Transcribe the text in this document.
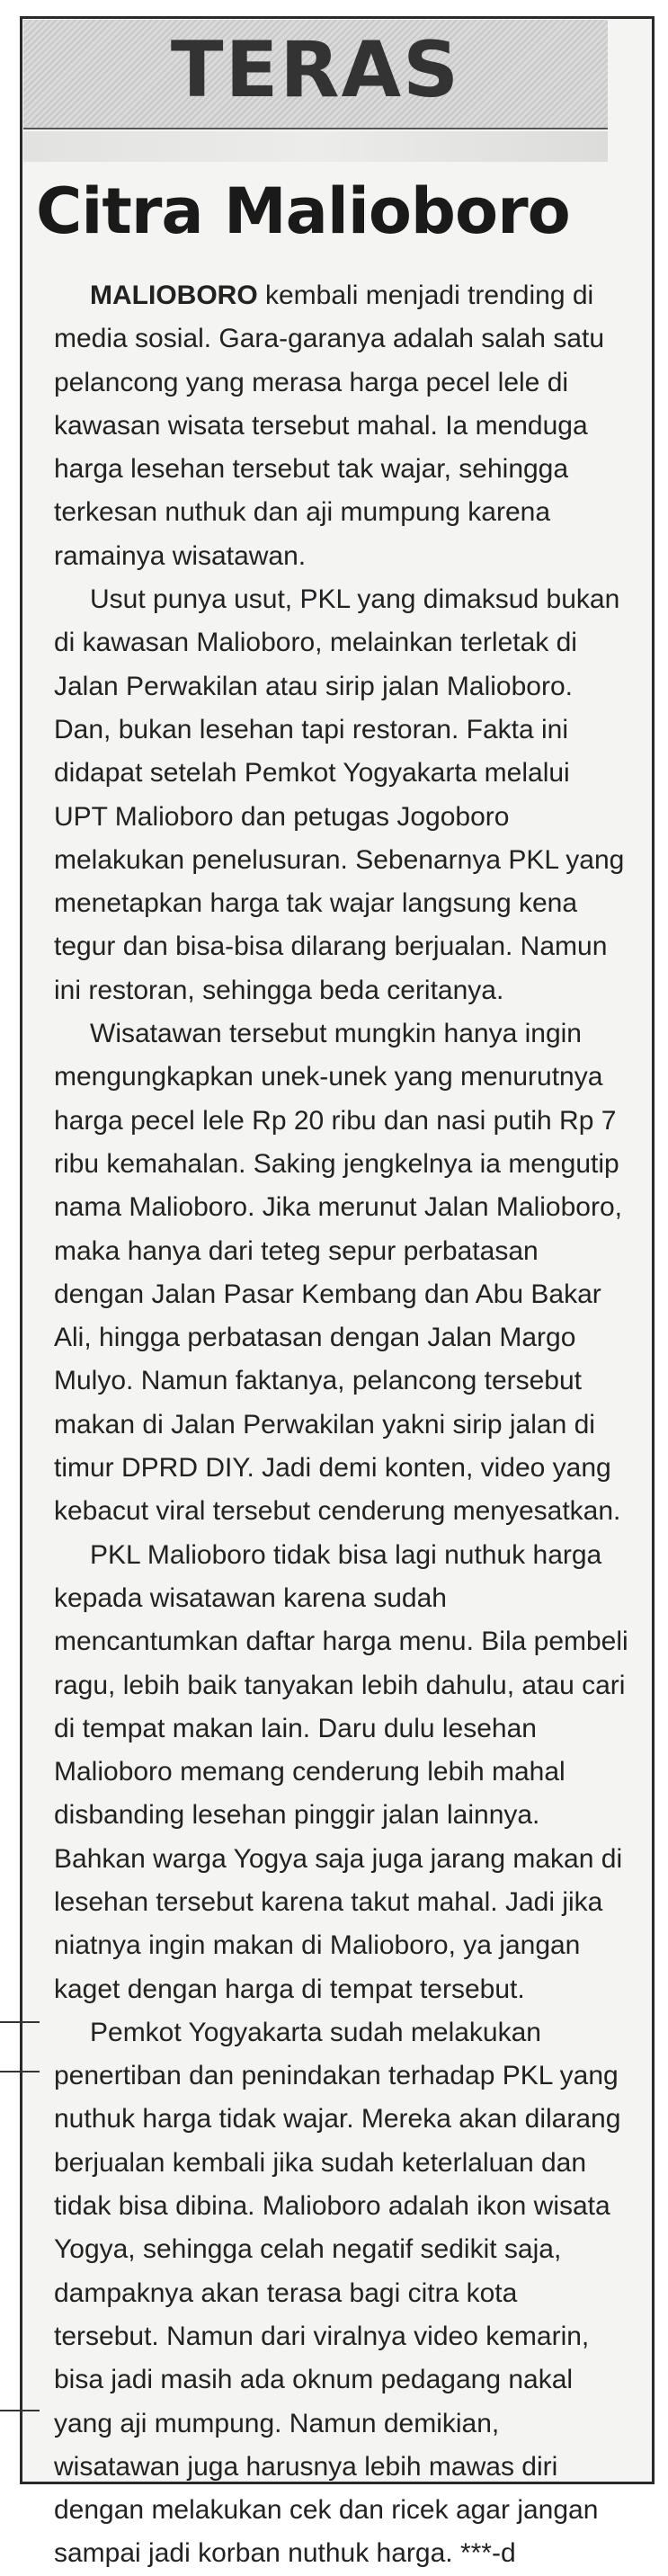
TERAS
Citra Malioboro

MALIOBORO kembali menjadi trending di media sosial. Gara-garanya adalah salah satu pelancong yang merasa harga pecel lele di kawasan wisata tersebut mahal. Ia menduga harga lesehan tersebut tak wajar, sehingga terkesan nuthuk dan aji mumpung karena ramainya wisatawan.

Usut punya usut, PKL yang dimaksud bukan di kawasan Malioboro, melainkan terletak di Jalan Perwakilan atau sirip jalan Malioboro. Dan, bukan lesehan tapi restoran. Fakta ini didapat setelah Pemkot Yogyakarta melalui UPT Malioboro dan petugas Jogoboro melakukan penelusuran. Sebenarnya PKL yang menetapkan harga tak wajar langsung kena tegur dan bisa-bisa dilarang berjualan. Namun ini restoran, sehingga beda ceritanya.

Wisatawan tersebut mungkin hanya ingin mengungkapkan unek-unek yang menurutnya harga pecel lele Rp 20 ribu dan nasi putih Rp 7 ribu kemahalan. Saking jengkelnya ia mengutip nama Malioboro. Jika merunut Jalan Malioboro, maka hanya dari teteg sepur perbatasan dengan Jalan Pasar Kembang dan Abu Bakar Ali, hingga perbatasan dengan Jalan Margo Mulyo. Namun faktanya, pelancong tersebut makan di Jalan Perwakilan yakni sirip jalan di timur DPRD DIY. Jadi demi konten, video yang kebacut viral tersebut cenderung menyesatkan.

PKL Malioboro tidak bisa lagi nuthuk harga kepada wisatawan karena sudah mencantumkan daftar harga menu. Bila pembeli ragu, lebih baik tanyakan lebih dahulu, atau cari di tempat makan lain. Daru dulu lesehan Malioboro memang cenderung lebih mahal disbanding lesehan pinggir jalan lainnya. Bahkan warga Yogya saja juga jarang makan di lesehan tersebut karena takut mahal. Jadi jika niatnya ingin makan di Malioboro, ya jangan kaget dengan harga di tempat tersebut.

Pemkot Yogyakarta sudah melakukan penertiban dan penindakan terhadap PKL yang nuthuk harga tidak wajar. Mereka akan dilarang berjualan kembali jika sudah keterlaluan dan tidak bisa dibina. Malioboro adalah ikon wisata Yogya, sehingga celah negatif sedikit saja, dampaknya akan terasa bagi citra kota tersebut. Namun dari viralnya video kemarin, bisa jadi masih ada oknum pedagang nakal yang aji mumpung. Namun demikian, wisatawan juga harusnya lebih mawas diri dengan melakukan cek dan ricek agar jangan sampai jadi korban nuthuk harga. ***-d
